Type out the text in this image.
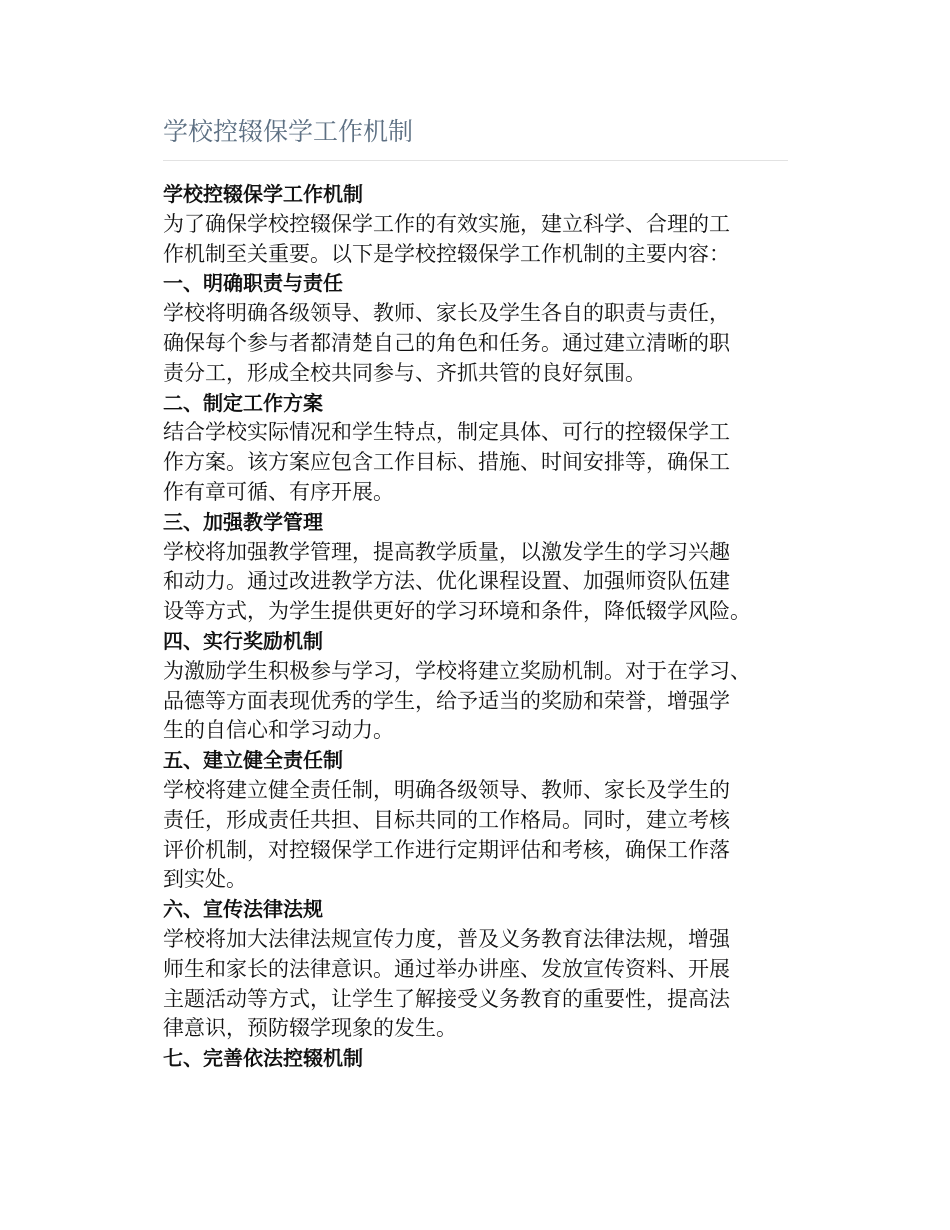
学校控辍保学工作机制

学校控辍保学工作机制

为了确保学校控辍保学工作的有效实施，建立科学、合理的工
作机制至关重要。以下是学校控辍保学工作机制的主要内容：

一、明确职责与责任

学校将明确各级领导、教师、家长及学生各自的职责与责任，
确保每个参与者都清楚自己的角色和任务。通过建立清晰的职
责分工，形成全校共同参与、齐抓共管的良好氛围。

二、制定工作方案

结合学校实际情况和学生特点，制定具体、可行的控辍保学工
作方案。该方案应包含工作目标、措施、时间安排等，确保工
作有章可循、有序开展。

三、加强教学管理

学校将加强教学管理，提高教学质量，以激发学生的学习兴趣
和动力。通过改进教学方法、优化课程设置、加强师资队伍建
设等方式，为学生提供更好的学习环境和条件，降低辍学风险。

四、实行奖励机制

为激励学生积极参与学习，学校将建立奖励机制。对于在学习、
品德等方面表现优秀的学生，给予适当的奖励和荣誉，增强学
生的自信心和学习动力。

五、建立健全责任制

学校将建立健全责任制，明确各级领导、教师、家长及学生的
责任，形成责任共担、目标共同的工作格局。同时，建立考核
评价机制，对控辍保学工作进行定期评估和考核，确保工作落
到实处。

六、宣传法律法规

学校将加大法律法规宣传力度，普及义务教育法律法规，增强
师生和家长的法律意识。通过举办讲座、发放宣传资料、开展
主题活动等方式，让学生了解接受义务教育的重要性，提高法
律意识，预防辍学现象的发生。

七、完善依法控辍机制
